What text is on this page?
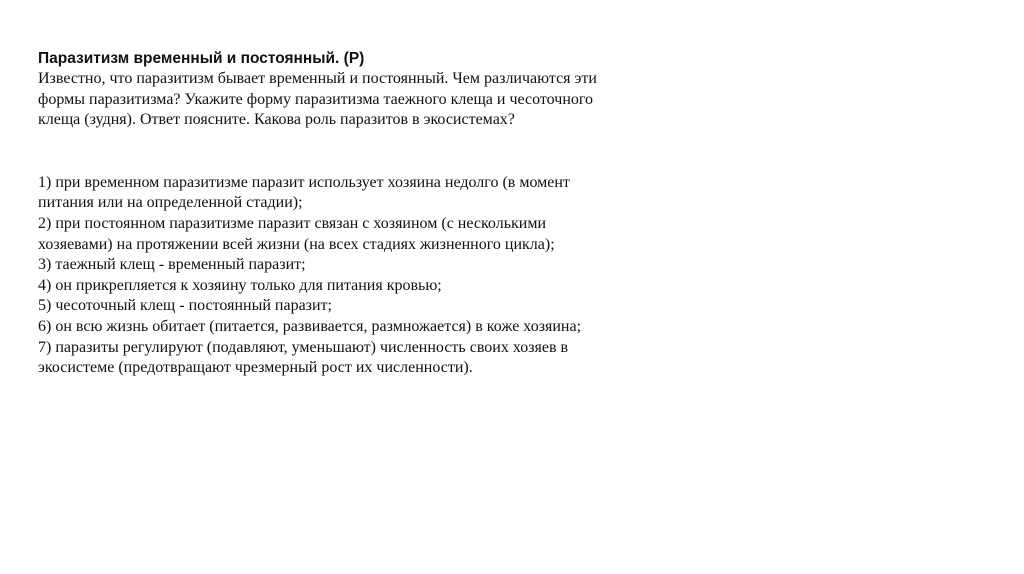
Паразитизм временный и постоянный. (Р)

Известно, что паразитизм бывает временный и постоянный. Чем различаются эти формы паразитизма? Укажите форму паразитизма таежного клеща и чесоточного клеща (зудня). Ответ поясните. Какова роль паразитов в экосистемах?

1) при временном паразитизме паразит использует хозяина недолго (в момент питания или на определенной стадии);

2) при постоянном паразитизме паразит связан с хозяином (с несколькими хозяевами) на протяжении всей жизни (на всех стадиях жизненного цикла);

3) таежный клещ - временный паразит;

4) он прикрепляется к хозяину только для питания кровью;

5) чесоточный клещ - постоянный паразит;

6) он всю жизнь обитает (питается, развивается, размножается) в коже хозяина;

7) паразиты регулируют (подавляют, уменьшают) численность своих хозяев в экосистеме (предотвращают чрезмерный рост их численности).
